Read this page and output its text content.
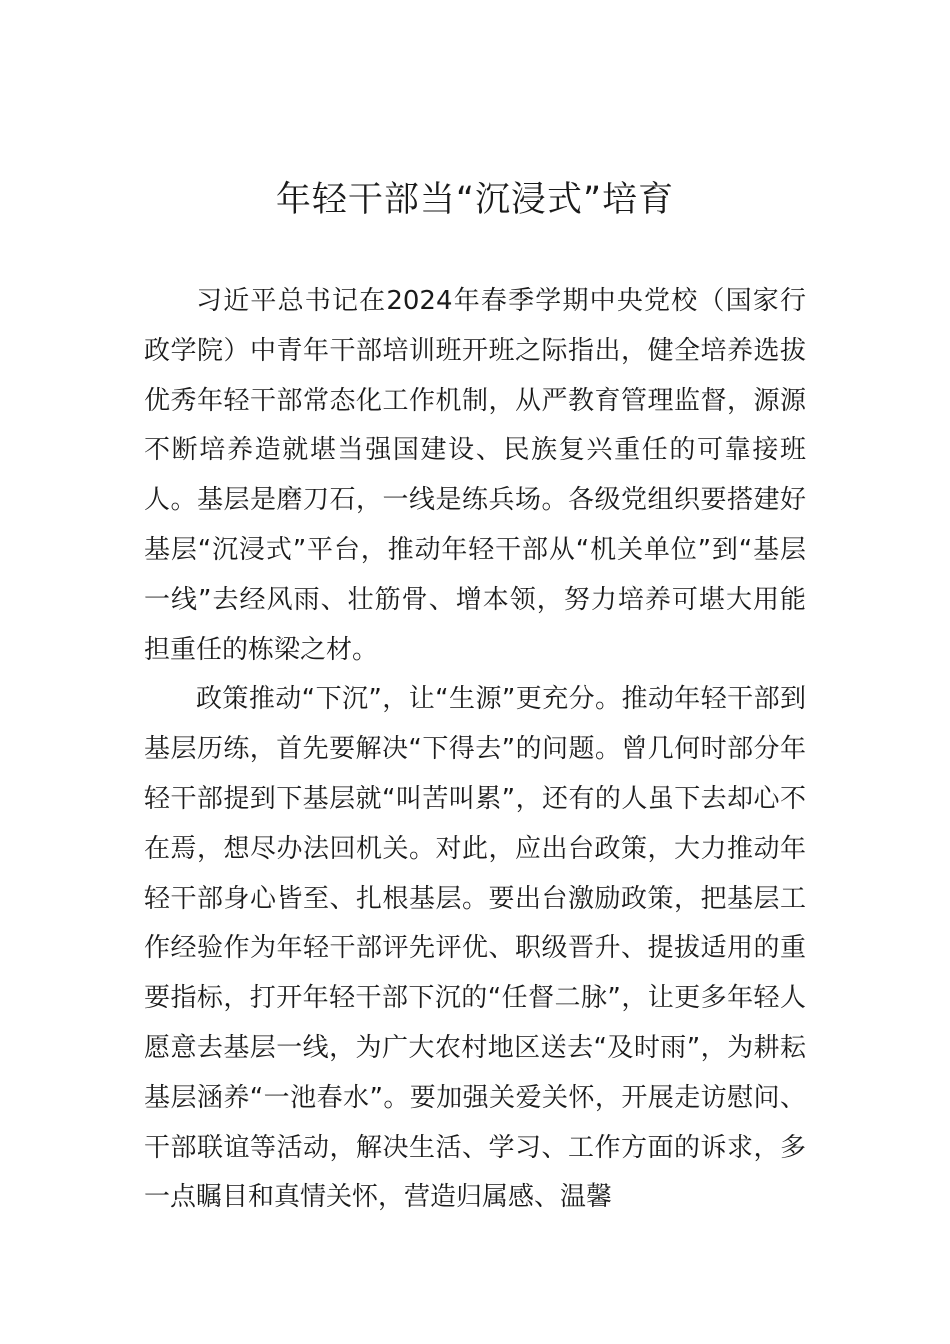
年轻干部当“沉浸式”培育

习近平总书记在2024年春季学期中央党校（国家行政学院）中青年干部培训班开班之际指出，健全培养选拔优秀年轻干部常态化工作机制，从严教育管理监督，源源不断培养造就堪当强国建设、民族复兴重任的可靠接班人。基层是磨刀石，一线是练兵场。各级党组织要搭建好基层“沉浸式”平台，推动年轻干部从“机关单位”到“基层一线”去经风雨、壮筋骨、增本领，努力培养可堪大用能担重任的栋梁之材。

政策推动“下沉”，让“生源”更充分。推动年轻干部到基层历练，首先要解决“下得去”的问题。曾几何时部分年轻干部提到下基层就“叫苦叫累”，还有的人虽下去却心不在焉，想尽办法回机关。对此，应出台政策，大力推动年轻干部身心皆至、扎根基层。要出台激励政策，把基层工作经验作为年轻干部评先评优、职级晋升、提拔适用的重要指标，打开年轻干部下沉的“任督二脉”，让更多年轻人愿意去基层一线，为广大农村地区送去“及时雨”，为耕耘基层涵养“一池春水”。要加强关爱关怀，开展走访慰问、干部联谊等活动，解决生活、学习、工作方面的诉求，多一点瞩目和真情关怀，营造归属感、温馨
